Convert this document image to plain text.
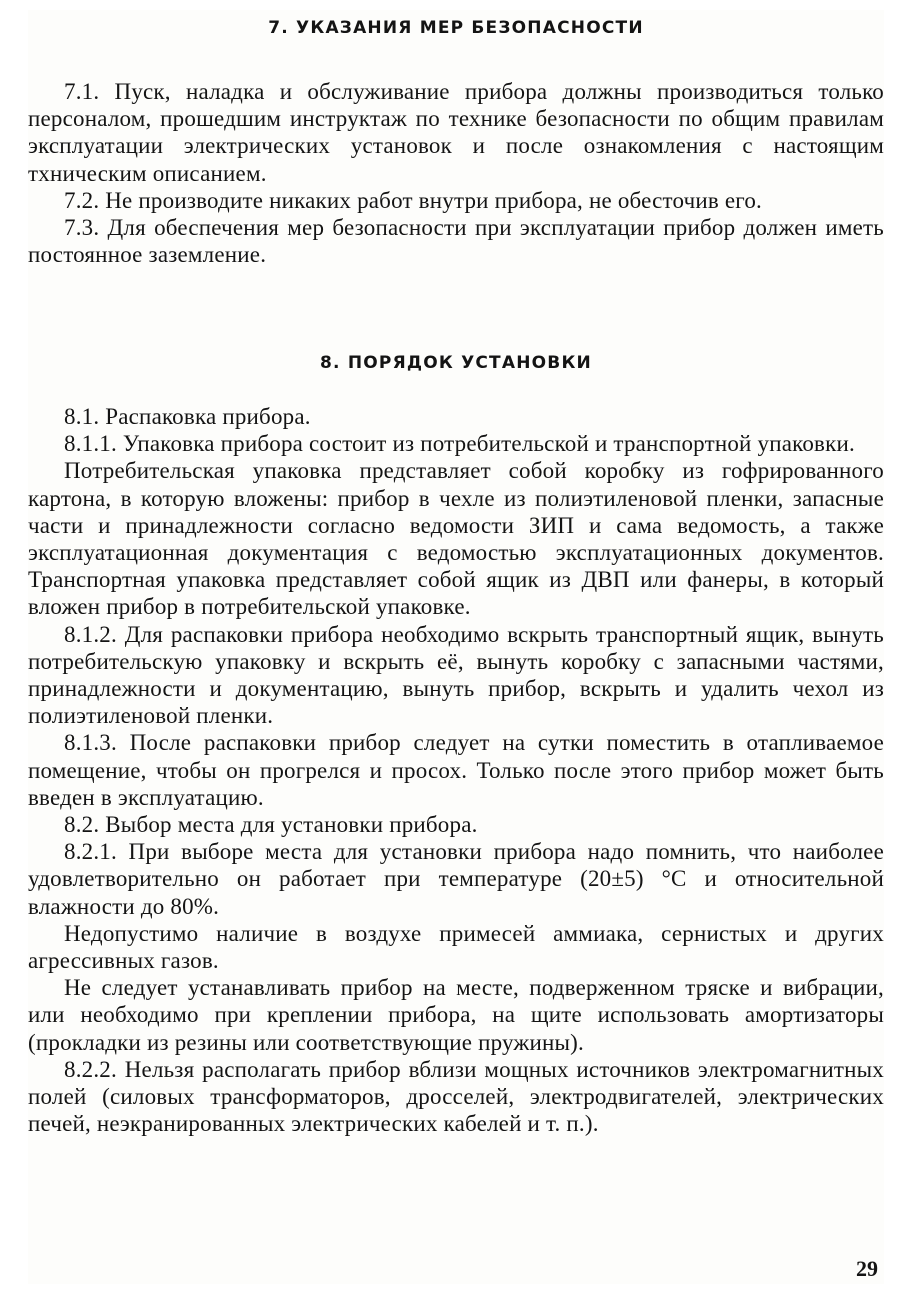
7. УКАЗАНИЯ МЕР БЕЗОПАСНОСТИ

7.1. Пуск, наладка и обслуживание прибора должны производиться только персоналом, прошедшим инструктаж по технике безопасности по общим правилам эксплуатации электрических установок и после ознакомления с настоящим тхническим описанием.

7.2. Не производите никаких работ внутри прибора, не обесточив его.

7.3. Для обеспечения мер безопасности при эксплуатации прибор должен иметь постоянное заземление.

8. ПОРЯДОК УСТАНОВКИ

8.1. Распаковка прибора.

8.1.1. Упаковка прибора состоит из потребительской и транспортной упаковки.

Потребительская упаковка представляет собой коробку из гофрированного картона, в которую вложены: прибор в чехле из полиэтиленовой пленки, запасные части и принадлежности согласно ведомости ЗИП и сама ведомость, а также эксплуатационная документация с ведомостью эксплуатационных документов. Транспортная упаковка представляет собой ящик из ДВП или фанеры, в который вложен прибор в потребительской упаковке.

8.1.2. Для распаковки прибора необходимо вскрыть транспортный ящик, вынуть потребительскую упаковку и вскрыть её, вынуть коробку с запасными частями, принадлежности и документацию, вынуть прибор, вскрыть и удалить чехол из полиэтиленовой пленки.

8.1.3. После распаковки прибор следует на сутки поместить в отапливаемое помещение, чтобы он прогрелся и просох. Только после этого прибор может быть введен в эксплуатацию.

8.2. Выбор места для установки прибора.

8.2.1. При выборе места для установки прибора надо помнить, что наиболее удовлетворительно он работает при температуре (20±5) °С и относительной влажности до 80%.

Недопустимо наличие в воздухе примесей аммиака, сернистых и других агрессивных газов.

Не следует устанавливать прибор на месте, подверженном тряске и вибрации, или необходимо при креплении прибора, на щите использовать амортизаторы (прокладки из резины или соответствующие пружины).

8.2.2. Нельзя располагать прибор вблизи мощных источников электромагнитных полей (силовых трансформаторов, дросселей, электродвигателей, электрических печей, неэкранированных электрических кабелей и т. п.).

29
